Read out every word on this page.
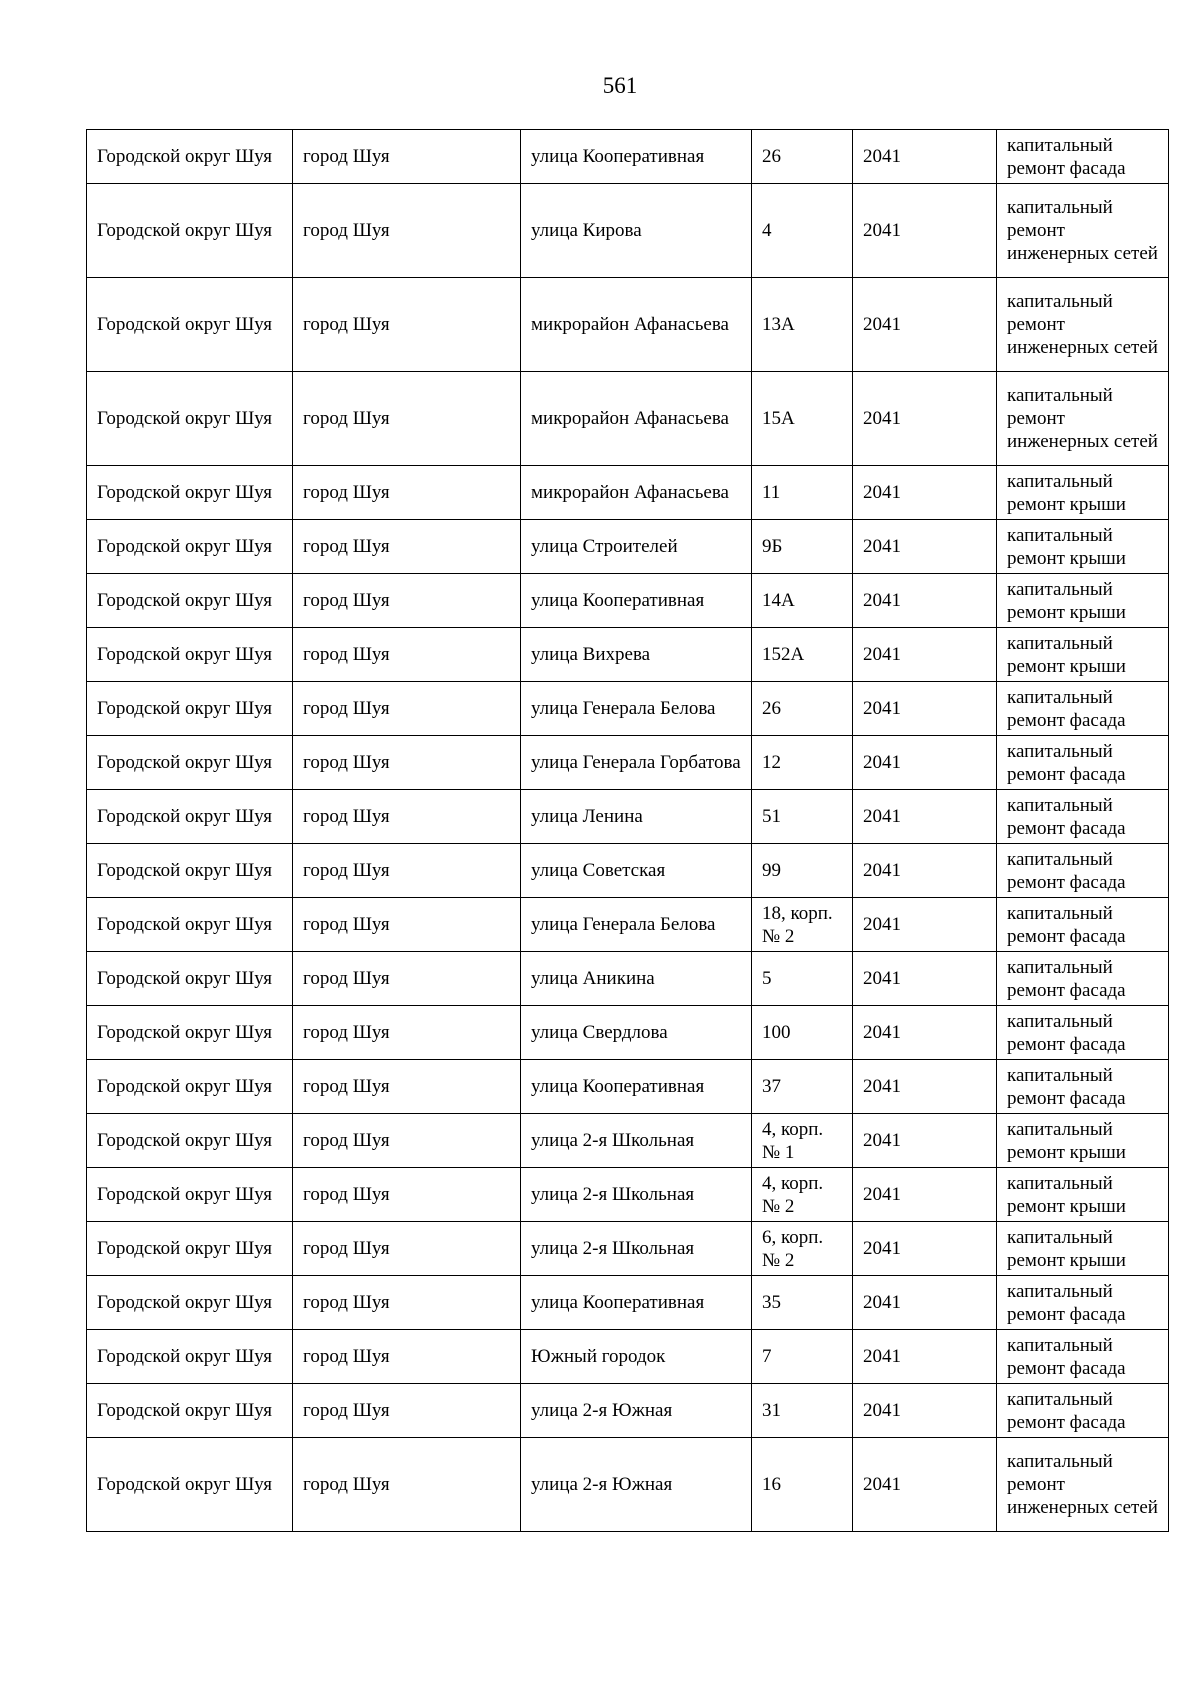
561
Городской округ Шуя	город Шуя	улица Кооперативная	26	2041	капитальный ремонт фасада
Городской округ Шуя	город Шуя	улица Кирова	4	2041	капитальный ремонт инженерных сетей
Городской округ Шуя	город Шуя	микрорайон Афанасьева	13А	2041	капитальный ремонт инженерных сетей
Городской округ Шуя	город Шуя	микрорайон Афанасьева	15А	2041	капитальный ремонт инженерных сетей
Городской округ Шуя	город Шуя	микрорайон Афанасьева	11	2041	капитальный ремонт крыши
Городской округ Шуя	город Шуя	улица Строителей	9Б	2041	капитальный ремонт крыши
Городской округ Шуя	город Шуя	улица Кооперативная	14А	2041	капитальный ремонт крыши
Городской округ Шуя	город Шуя	улица Вихрева	152А	2041	капитальный ремонт крыши
Городской округ Шуя	город Шуя	улица Генерала Белова	26	2041	капитальный ремонт фасада
Городской округ Шуя	город Шуя	улица Генерала Горбатова	12	2041	капитальный ремонт фасада
Городской округ Шуя	город Шуя	улица Ленина	51	2041	капитальный ремонт фасада
Городской округ Шуя	город Шуя	улица Советская	99	2041	капитальный ремонт фасада
Городской округ Шуя	город Шуя	улица Генерала Белова	18, корп. № 2	2041	капитальный ремонт фасада
Городской округ Шуя	город Шуя	улица Аникина	5	2041	капитальный ремонт фасада
Городской округ Шуя	город Шуя	улица Свердлова	100	2041	капитальный ремонт фасада
Городской округ Шуя	город Шуя	улица Кооперативная	37	2041	капитальный ремонт фасада
Городской округ Шуя	город Шуя	улица 2-я Школьная	4, корп. № 1	2041	капитальный ремонт крыши
Городской округ Шуя	город Шуя	улица 2-я Школьная	4, корп. № 2	2041	капитальный ремонт крыши
Городской округ Шуя	город Шуя	улица 2-я Школьная	6, корп. № 2	2041	капитальный ремонт крыши
Городской округ Шуя	город Шуя	улица Кооперативная	35	2041	капитальный ремонт фасада
Городской округ Шуя	город Шуя	Южный городок	7	2041	капитальный ремонт фасада
Городской округ Шуя	город Шуя	улица 2-я Южная	31	2041	капитальный ремонт фасада
Городской округ Шуя	город Шуя	улица 2-я Южная	16	2041	капитальный ремонт инженерных сетей
